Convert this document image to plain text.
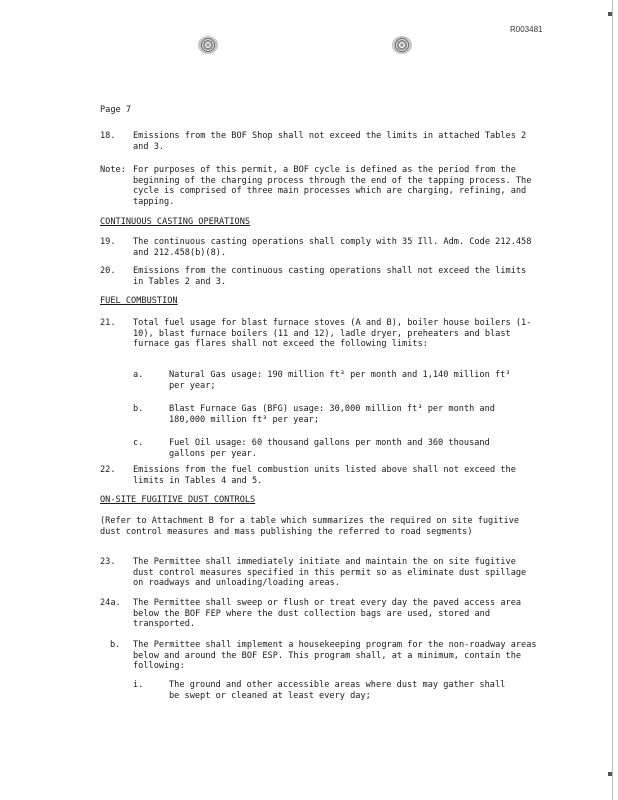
R003481
Page 7
18. Emissions from the BOF Shop shall not exceed the limits in attached Tables 2 and 3.
Note: For purposes of this permit, a BOF cycle is defined as the period from the beginning of the charging process through the end of the tapping process. The cycle is comprised of three main processes which are charging, refining, and tapping.
CONTINUOUS CASTING OPERATIONS
19. The continuous casting operations shall comply with 35 Ill. Adm. Code 212.458 and 212.458(b)(8).
20. Emissions from the continuous casting operations shall not exceed the limits in Tables 2 and 3.
FUEL COMBUSTION
21. Total fuel usage for blast furnace stoves (A and B), boiler house boilers (1-10), blast furnace boilers (11 and 12), ladle dryer, preheaters and blast furnace gas flares shall not exceed the following limits:
a.	Natural Gas usage: 190 million ft³ per month and 1,140 million ft³ per year;
b.	Blast Furnace Gas (BFG) usage: 30,000 million ft³ per month and 180,000 million ft³ per year;
c.	Fuel Oil usage: 60 thousand gallons per month and 360 thousand gallons per year.
22. Emissions from the fuel combustion units listed above shall not exceed the limits in Tables 4 and 5.
ON-SITE FUGITIVE DUST CONTROLS
(Refer to Attachment B for a table which summarizes the required on site fugitive dust control measures and mass publishing the referred to road segments)
23. The Permittee shall immediately initiate and maintain the on site fugitive dust control measures specified in this permit so as eliminate dust spillage on roadways and unloading/loading areas.
24a. The Permittee shall sweep or flush or treat every day the paved access area below the BOF FEP where the dust collection bags are used, stored and transported.
b. The Permittee shall implement a housekeeping program for the non-roadway areas below and around the BOF ESP. This program shall, at a minimum, contain the following:
i.	The ground and other accessible areas where dust may gather shall be swept or cleaned at least every day;
